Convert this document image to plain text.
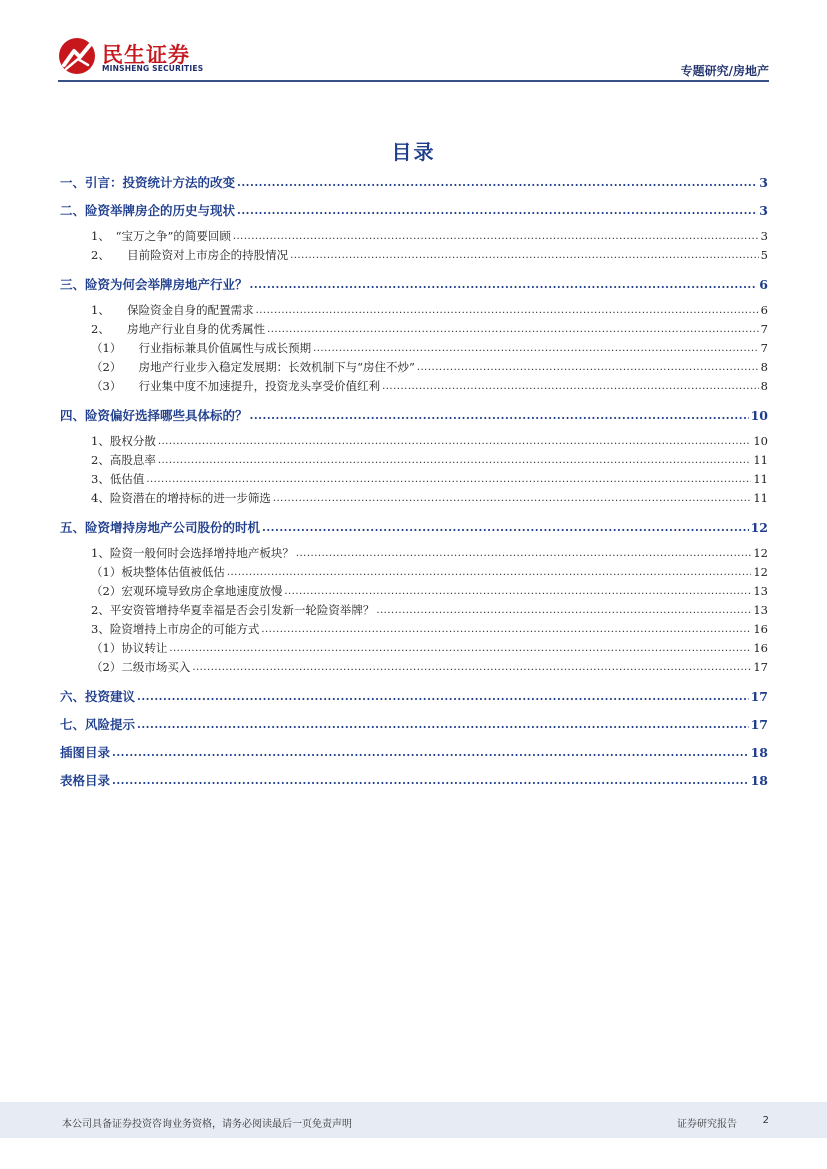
民生证券
MINSHENG SECURITIES	专题研究/房地产
目录
一、引言：投资统计方法的改变 .....	3
二、险资举牌房企的历史与现状 .....	3
1、　“宝万之争”的简要回顾 .....	3
2、　　目前险资对上市房企的持股情况 .....	5
三、险资为何会举牌房地产行业？ .....	6
1、　　保险资金自身的配置需求 .....	6
2、　　房地产行业自身的优秀属性 .....	7
（1）　　行业指标兼具价值属性与成长预期 .....	7
（2）　　房地产行业步入稳定发展期：长效机制下与“房住不炒” .....	8
（3）　　行业集中度不加速提升，投资龙头享受价值红利 .....	8
四、险资偏好选择哪些具体标的？ .....	10
1、股权分散 .....	10
2、高股息率 .....	11
3、低估值 .....	11
4、险资潜在的增持标的进一步筛选 .....	11
五、险资增持房地产公司股份的时机 .....	12
1、险资一般何时会选择增持地产板块？ .....	12
（1）板块整体估值被低估 .....	12
（2）宏观环境导致房企拿地速度放慢 .....	13
2、平安资管增持华夏幸福是否会引发新一轮险资举牌？ .....	13
3、险资增持上市房企的可能方式 .....	16
（1）协议转让 .....	16
（2）二级市场买入 .....	17
六、投资建议 .....	17
七、风险提示 .....	17
插图目录 .....	18
表格目录 .....	18
本公司具备证券投资咨询业务资格，请务必阅读最后一页免责声明	证券研究报告	2
